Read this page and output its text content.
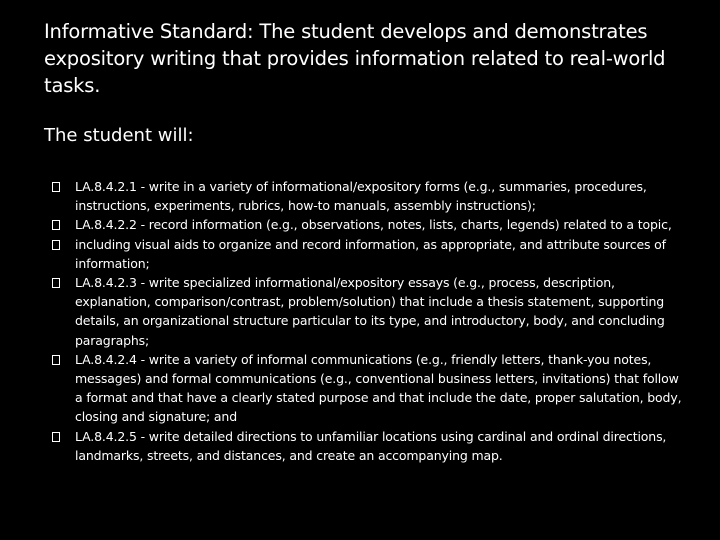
Informative Standard: The student develops and demonstrates expository writing that provides information related to real-world tasks.
The student will:
LA.8.4.2.1 - write in a variety of informational/expository forms (e.g., summaries, procedures, instructions, experiments, rubrics, how-to manuals, assembly instructions);
LA.8.4.2.2 - record information (e.g., observations, notes, lists, charts, legends) related to a topic,
including visual aids to organize and record information, as appropriate, and attribute sources of information;
LA.8.4.2.3 - write specialized informational/expository essays (e.g., process, description, explanation, comparison/contrast, problem/solution) that include a thesis statement, supporting details, an organizational structure particular to its type, and introductory, body, and concluding paragraphs;
LA.8.4.2.4 - write a variety of informal communications (e.g., friendly letters, thank-you notes, messages) and formal communications (e.g., conventional business letters, invitations) that follow a format and that have a clearly stated purpose and that include the date, proper salutation, body, closing and signature; and
LA.8.4.2.5 - write detailed directions to unfamiliar locations using cardinal and ordinal directions, landmarks, streets, and distances, and create an accompanying map.
